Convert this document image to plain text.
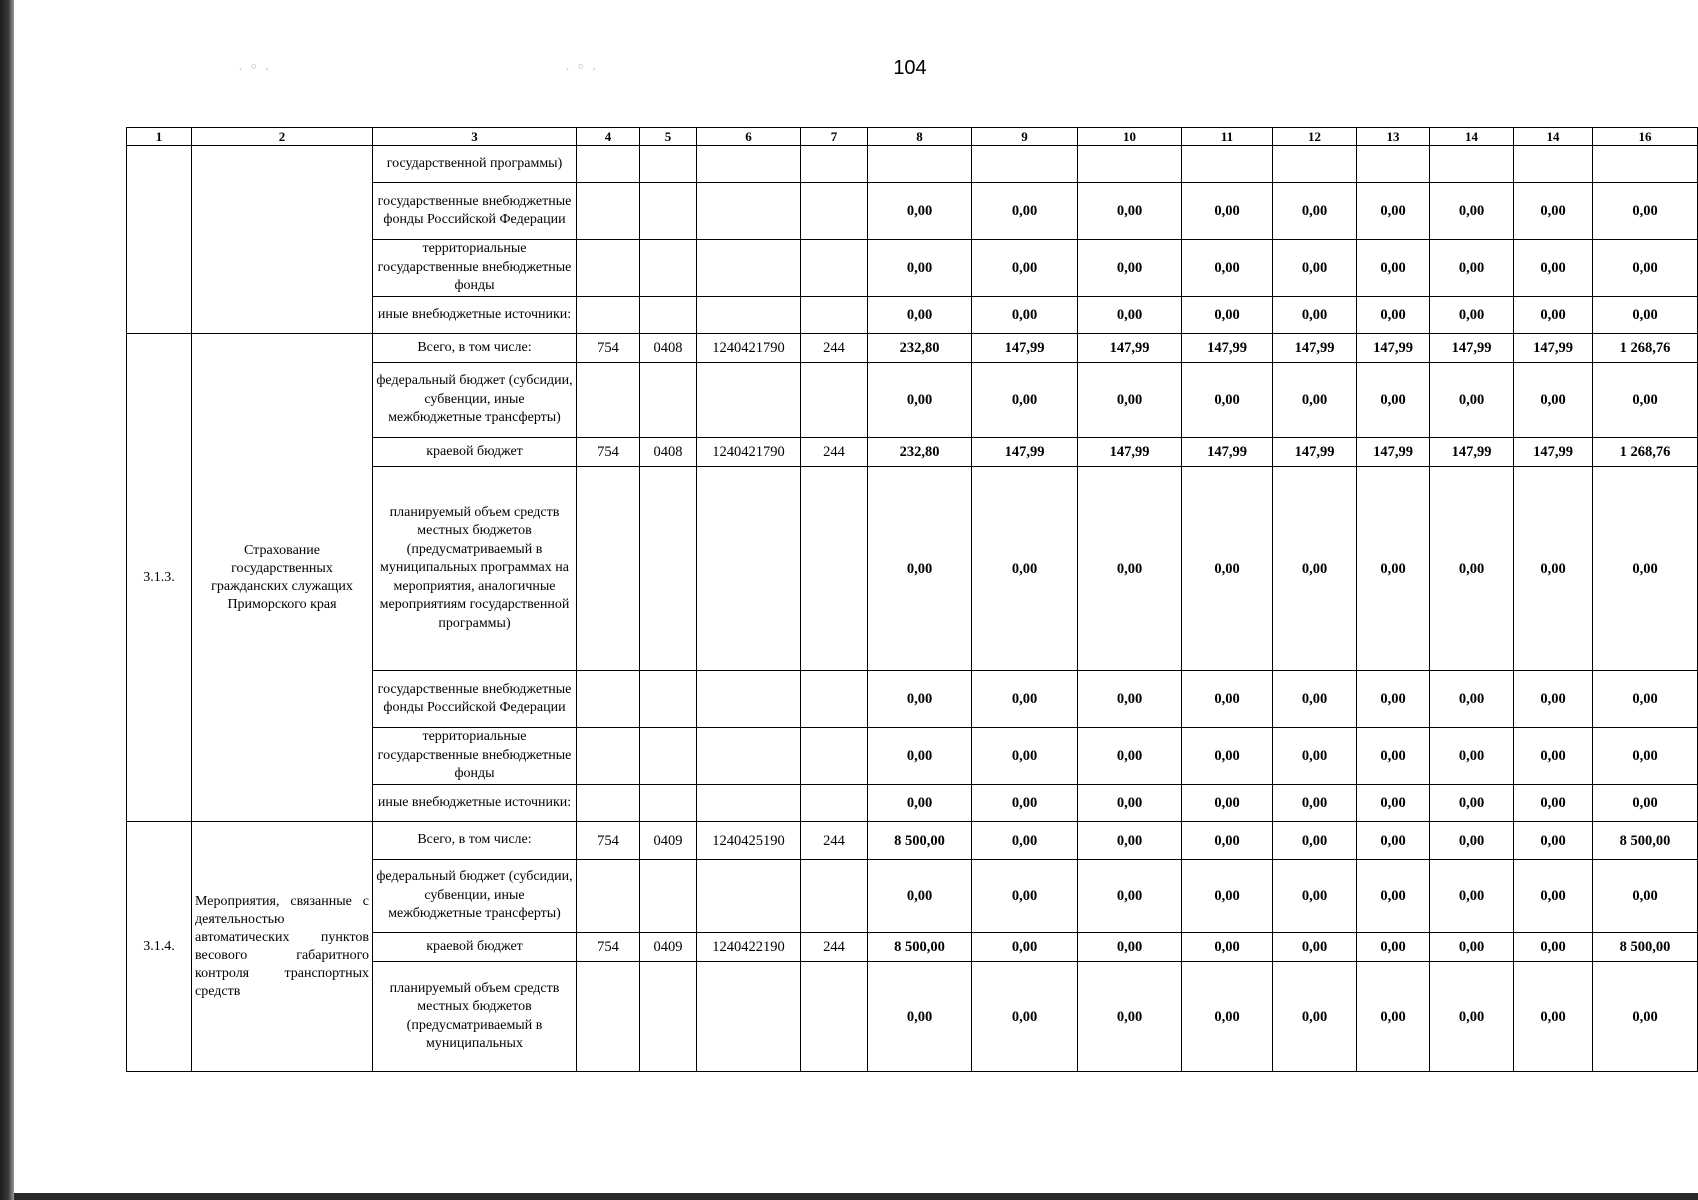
· ° ·	· ° ·	104
1	2	3	4	5	6	7	8	9	10	11	12	13	14	14	16
		государственной программы)													
		государственные внебюджетные фонды Российской Федерации					0,00	0,00	0,00	0,00	0,00	0,00	0,00	0,00	0,00
		территориальные государственные внебюджетные фонды					0,00	0,00	0,00	0,00	0,00	0,00	0,00	0,00	0,00
		иные внебюджетные источники:					0,00	0,00	0,00	0,00	0,00	0,00	0,00	0,00	0,00
3.1.3.	Страхование государственных гражданских служащих Приморского края	Всего, в том числе:	754	0408	1240421790	244	232,80	147,99	147,99	147,99	147,99	147,99	147,99	147,99	1 268,76
		федеральный бюджет (субсидии, субвенции, иные межбюджетные трансферты)					0,00	0,00	0,00	0,00	0,00	0,00	0,00	0,00	0,00
		краевой бюджет	754	0408	1240421790	244	232,80	147,99	147,99	147,99	147,99	147,99	147,99	147,99	1 268,76
		планируемый объем средств местных бюджетов (предусматриваемый в муниципальных программах на мероприятия, аналогичные мероприятиям государственной программы)					0,00	0,00	0,00	0,00	0,00	0,00	0,00	0,00	0,00
		государственные внебюджетные фонды Российской Федерации					0,00	0,00	0,00	0,00	0,00	0,00	0,00	0,00	0,00
		территориальные государственные внебюджетные фонды					0,00	0,00	0,00	0,00	0,00	0,00	0,00	0,00	0,00
		иные внебюджетные источники:					0,00	0,00	0,00	0,00	0,00	0,00	0,00	0,00	0,00
3.1.4.	Мероприятия, связанные с деятельностью автоматических пунктов весового габаритного контроля транспортных средств	Всего, в том числе:	754	0409	1240425190	244	8 500,00	0,00	0,00	0,00	0,00	0,00	0,00	0,00	8 500,00
		федеральный бюджет (субсидии, субвенции, иные межбюджетные трансферты)					0,00	0,00	0,00	0,00	0,00	0,00	0,00	0,00	0,00
		краевой бюджет	754	0409	1240422190	244	8 500,00	0,00	0,00	0,00	0,00	0,00	0,00	0,00	8 500,00
		планируемый объем средств местных бюджетов (предусматриваемый в муниципальных					0,00	0,00	0,00	0,00	0,00	0,00	0,00	0,00	0,00
